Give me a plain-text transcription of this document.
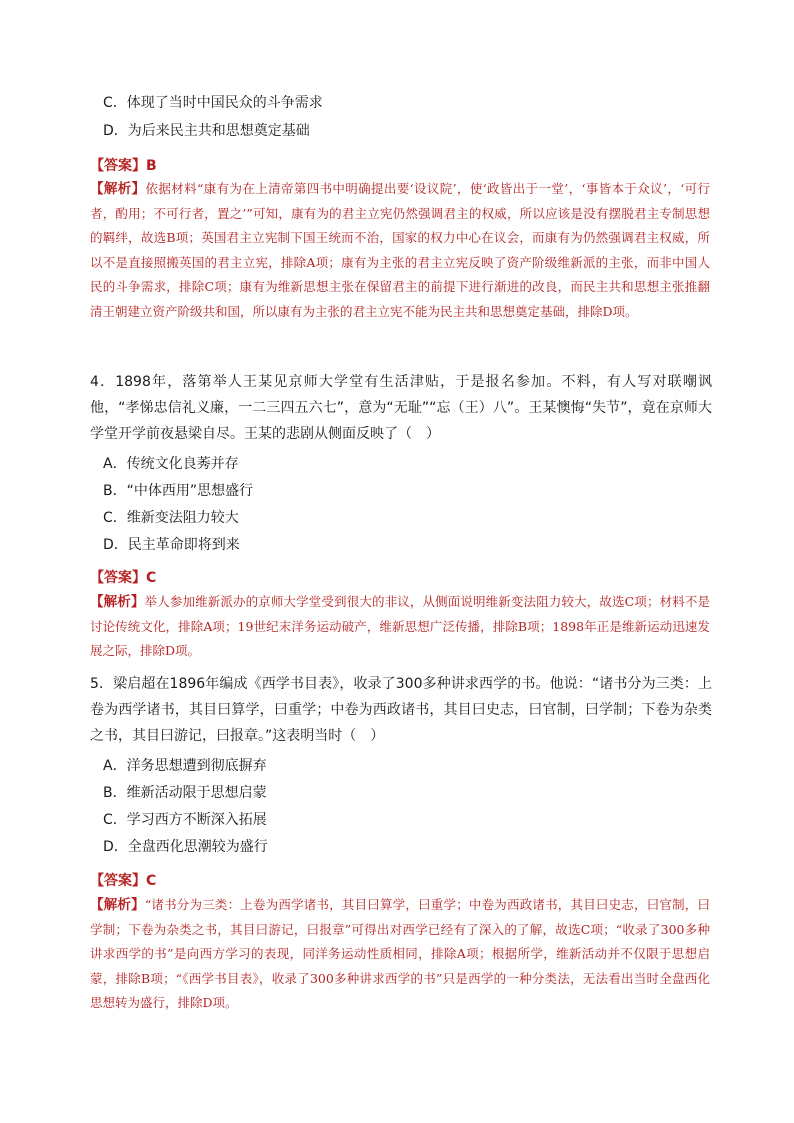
C．体现了当时中国民众的斗争需求
D．为后来民主共和思想奠定基础
【答案】B
【解析】依据材料“康有为在上清帝第四书中明确提出要‘设议院’，使‘政皆出于一堂’，‘事皆本于众议’，‘可行者，酌用；不可行者，置之’”可知，康有为的君主立宪仍然强调君主的权威，所以应该是没有摆脱君主专制思想的羁绊，故选B项；英国君主立宪制下国王统而不治，国家的权力中心在议会，而康有为仍然强调君主权威，所以不是直接照搬英国的君主立宪，排除A项；康有为主张的君主立宪反映了资产阶级维新派的主张，而非中国人民的斗争需求，排除C项；康有为维新思想主张在保留君主的前提下进行渐进的改良，而民主共和思想主张推翻清王朝建立资产阶级共和国，所以康有为主张的君主立宪不能为民主共和思想奠定基础，排除D项。
4．1898年，落第举人王某见京师大学堂有生活津贴，于是报名参加。不料，有人写对联嘲讽他，“孝悌忠信礼义廉，一二三四五六七”，意为“无耻”“忘（王）八”。王某懊悔“失节”，竟在京师大学堂开学前夜悬梁自尽。王某的悲剧从侧面反映了（　）
A．传统文化良莠并存
B．“中体西用”思想盛行
C．维新变法阻力较大
D．民主革命即将到来
【答案】C
【解析】举人参加维新派办的京师大学堂受到很大的非议，从侧面说明维新变法阻力较大，故选C项；材料不是讨论传统文化，排除A项；19世纪末洋务运动破产，维新思想广泛传播，排除B项；1898年正是维新运动迅速发展之际，排除D项。
5．梁启超在1896年编成《西学书目表》，收录了300多种讲求西学的书。他说：“诸书分为三类：上卷为西学诸书，其目曰算学，曰重学；中卷为西政诸书，其目曰史志，曰官制，曰学制；下卷为杂类之书，其目曰游记，曰报章。”这表明当时（　）
A．洋务思想遭到彻底摒弃
B．维新活动限于思想启蒙
C．学习西方不断深入拓展
D．全盘西化思潮较为盛行
【答案】C
【解析】“诸书分为三类：上卷为西学诸书，其目曰算学，曰重学；中卷为西政诸书，其目曰史志，曰官制，曰学制；下卷为杂类之书，其目曰游记，曰报章”可得出对西学已经有了深入的了解，故选C项；“收录了300多种讲求西学的书”是向西方学习的表现，同洋务运动性质相同，排除A项；根据所学，维新活动并不仅限于思想启蒙，排除B项；“《西学书目表》，收录了300多种讲求西学的书”只是西学的一种分类法，无法看出当时全盘西化思想转为盛行，排除D项。
